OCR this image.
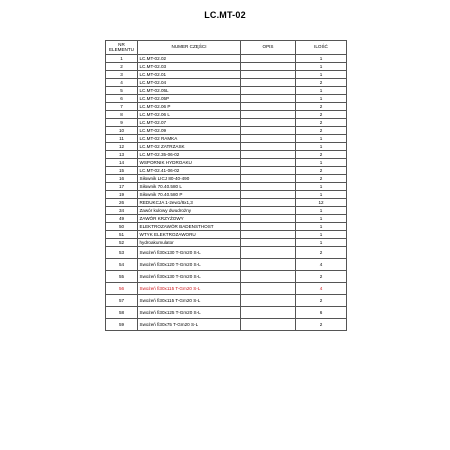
LC.MT-02
NR ELEMENTU	NUMER CZĘŚCI	OPIS	ILOŚĆ
1	LC.MT-02.02		1
2	LC.MT-02.03		1
3	LC.MT-02.01		1
4	LC.MT-02.04		2
5	LC.MT-02.05L		1
6	LC.MT-02.05P		1
7	LC.MT-02.06 P		2
8	LC.MT-02.06 L		2
9	LC.MT-02.07		2
10	LC.MT-02.09		2
11	LC.MT-02 RAMKA		1
12	LC.MT-02 ZATRZASK		1
13	LC.MT-02.35-06-02		2
14	WSPORNIK HYDROAKU		1
15	LC.MT-02.41-06-02		2
16	Siłownik LICJ 80-40-490		2
17	Siłownik 70.40.580 L		1
19	Siłownik 70.40.580 P		1
26	REDUKCJA 1-2ew1/8x1,3		12
34	Zawór kulowy dwudrożny		1
49	ZAWÓR KRZYŻOWY		1
50	ELEKTROZAWÓR BADENSTHOST		1
51	WTYK ELEKTROZAWORU		1
52	hydroakumulator		1
53	Swożeń fi30x130 T-Gm20 S-L		2
54	Swożeń fi30x120 T-Gm20 S-L		4
55	Swożeń fi30x130 T-Gm20 S-L		2
56	Swożeń fi30x115 T-Gm20 S-L		4
57	Swożeń fi30x115 T-Gm20 S-L		2
58	Swożeń fi30x125 T-Gm20 S-L		6
59	Swożeń fi30x75 T-Gm20 S-L		2
